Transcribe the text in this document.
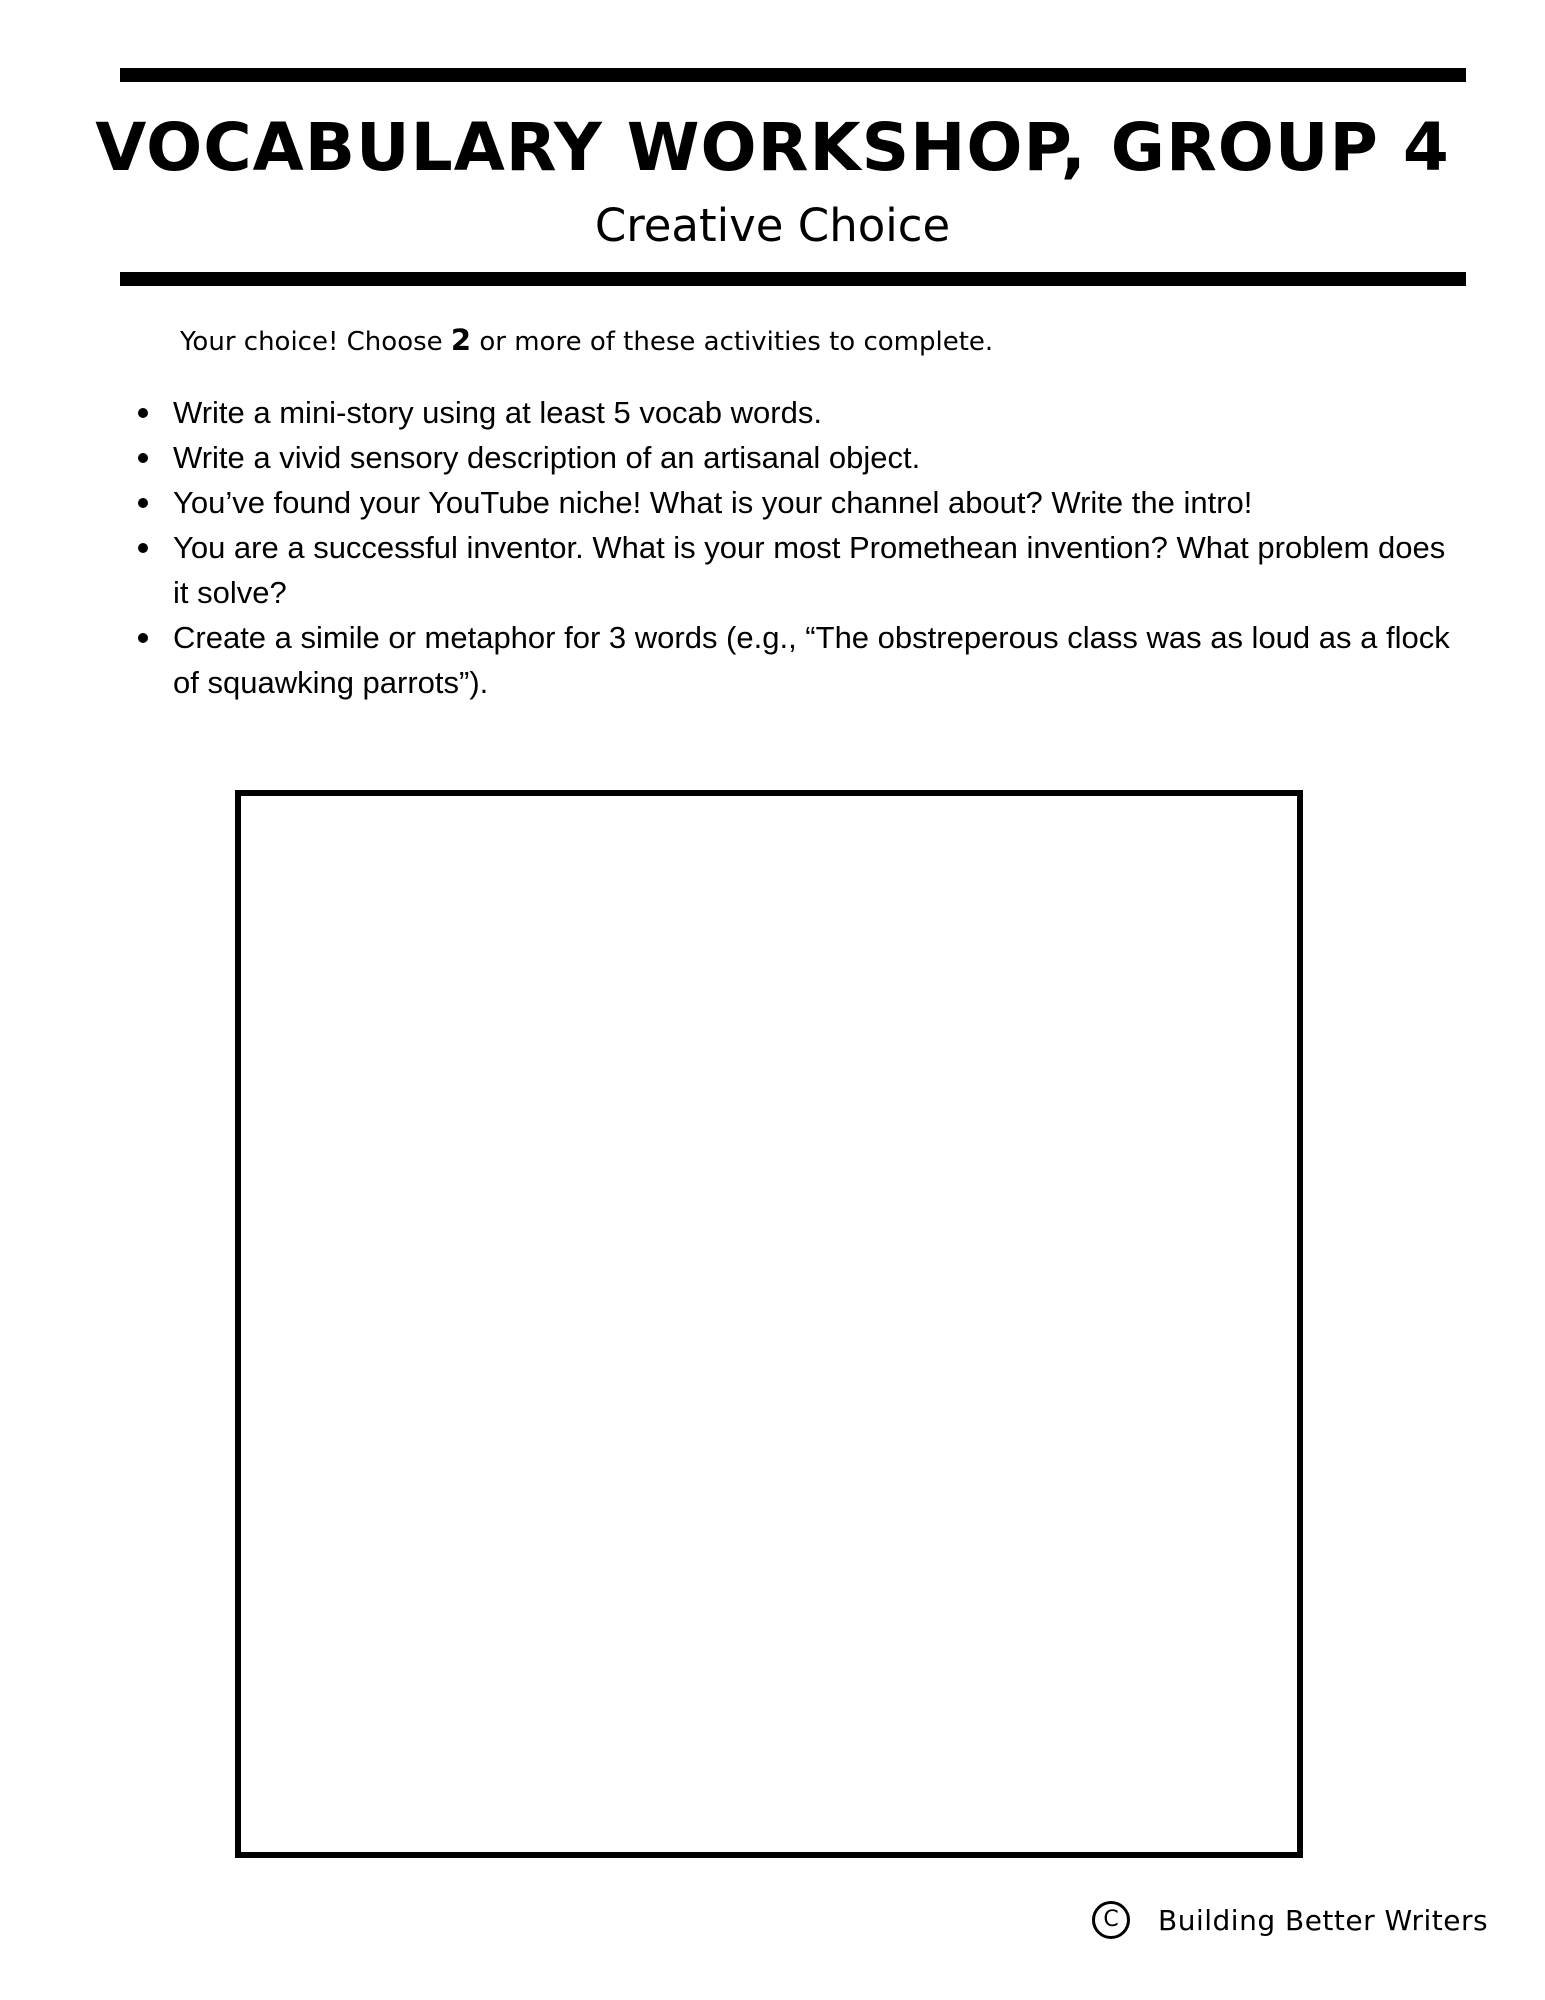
VOCABULARY WORKSHOP, GROUP 4
Creative Choice
Your choice! Choose 2 or more of these activities to complete.
Write a mini-story using at least 5 vocab words.
Write a vivid sensory description of an artisanal object.
You’ve found your YouTube niche! What is your channel about? Write the intro!
You are a successful inventor. What is your most Promethean invention? What problem does it solve?
Create a simile or metaphor for 3 words (e.g., “The obstreperous class was as loud as a flock of squawking parrots”).
C	Building Better Writers
